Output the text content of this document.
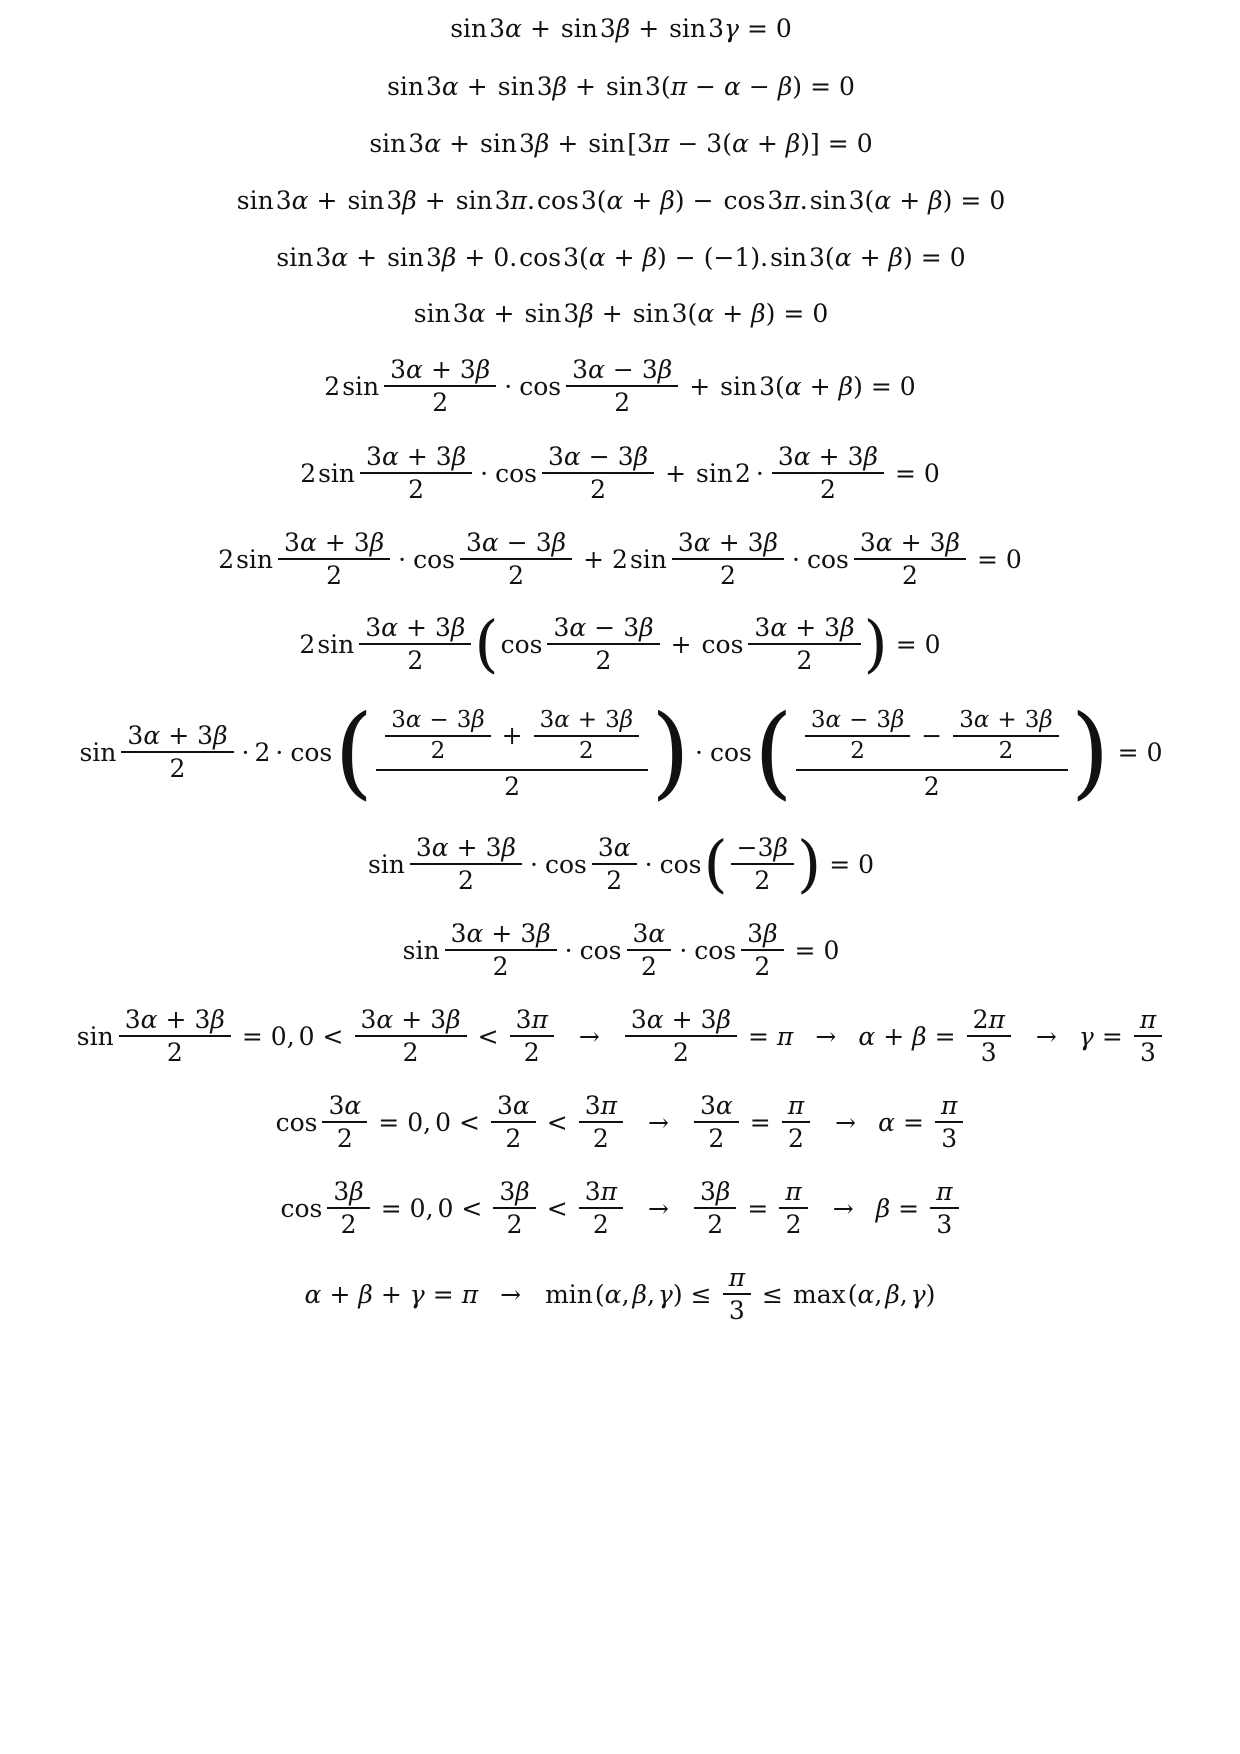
sin 3 α + sin 3 β + sin 3 γ = 0
sin 3 α + sin 3 β + sin 3 ( π − α − β ) = 0
sin 3 α + sin 3 β + sin [ 3 π − 3 ( α + β ) ] = 0
sin 3 α + sin 3 β + sin 3 π . cos 3 ( α + β ) − cos 3 π . sin 3 ( α + β ) = 0
sin 3 α + sin 3 β + 0 . cos 3 ( α + β ) − (−1) . sin 3 ( α + β ) = 0
sin 3 α + sin 3 β + sin 3 ( α + β ) = 0
2 $\sin \frac{3 \alpha + 3 \beta}{2} \cdot \cos \frac{3 \alpha - 3 \beta}{2} + \sin 3$ ( α + β ) = 0
2 $\sin \frac{3 \alpha + 3 \beta}{2} \cdot \cos \frac{3 \alpha - 3 \beta}{2} + \sin 2 \cdot \frac{3 \alpha + 3 \beta}{2} = 0$
2 $\sin \frac{3 \alpha + 3 \beta}{2} \cdot \cos \frac{3 \alpha - 3 \beta}{2} + 2$ $\sin \frac{3 \alpha + 3 \beta}{2} \cdot \cos \frac{3 \alpha + 3 \beta}{2} = 0$
2 $\sin \frac{3 \alpha + 3 \beta}{2}$ ( $\cos \frac{3 \alpha - 3 \beta}{2} + \cos \frac{3 \alpha + 3 \beta}{2}$ ) = 0
$\sin \frac{3 \alpha + 3 \beta}{2} \cdot 2 \cdot \cos$ ( $\frac{\frac{3 \alpha - 3 \beta}{2} + \frac{3 \alpha + 3 \beta}{2}}{2}$ ) · cos ( $\frac{\frac{3 \alpha - 3 \beta}{2} - \frac{3 \alpha + 3 \beta}{2}}{2}$ ) = 0
$\sin \frac{3 \alpha + 3 \beta}{2} \cdot \cos \frac{3 \alpha}{2} \cdot \cos$ ( $\frac{- 3 \beta}{2}$ ) = 0
$\sin \frac{3 \alpha + 3 \beta}{2} \cdot \cos \frac{3 \alpha}{2} \cdot \cos \frac{3 \beta}{2} = 0$
$\sin \frac{3 \alpha + 3 \beta}{2} = 0$ , $0 < \frac{3 \alpha + 3 \beta}{2} < \frac{3 \pi}{2} \to \frac{3 \alpha + 3 \beta}{2} = \pi \to \alpha + \beta = \frac{2 \pi}{3} \to \gamma = \frac{\pi}{3}$
$\cos \frac{3 \alpha}{2} = 0$ , $0 < \frac{3 \alpha}{2} < \frac{3 \pi}{2} \to \frac{3 \alpha}{2} = \frac{\pi}{2} \to \alpha = \frac{\pi}{3}$
$\cos \frac{3 \beta}{2} = 0$ , $0 < \frac{3 \beta}{2} < \frac{3 \pi}{2} \to \frac{3 \beta}{2} = \frac{\pi}{2} \to \beta = \frac{\pi}{3}$
α + β + γ = π → min ( α , β , γ ) ≤ $\frac{\pi}{3} \le \max$ ( α , β , γ )
